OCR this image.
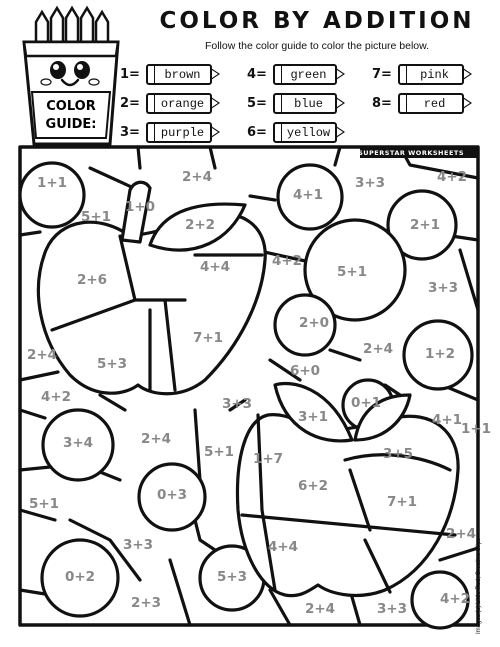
COLOR BY ADDITION
Follow the color guide to color the picture below.
COLOR
GUIDE:
1=	brown
2=	orange
3=	purple
4=	green
5=	blue
6=	yellow
7=	pink
8=	red
SUPERSTAR WORKSHEETS
Images (c) Little Red, Creative Clips
1+1	2+4	4+2
1+0
5+1
4+1
3+3
2+1
2+2
2+6
4+4	4+2
5+1
3+3
7+1
2+0
2+4
5+3
2+4	1+2
6+0
4+2	3+3	0+1
3+1
3+4	2+4
5+1
4+1
1+7	3+5
6+2
0+3
5+1	7+1
3+3	4+4
2+4
0+2	5+3
2+3	2+4	3+3
4+2
1+1
